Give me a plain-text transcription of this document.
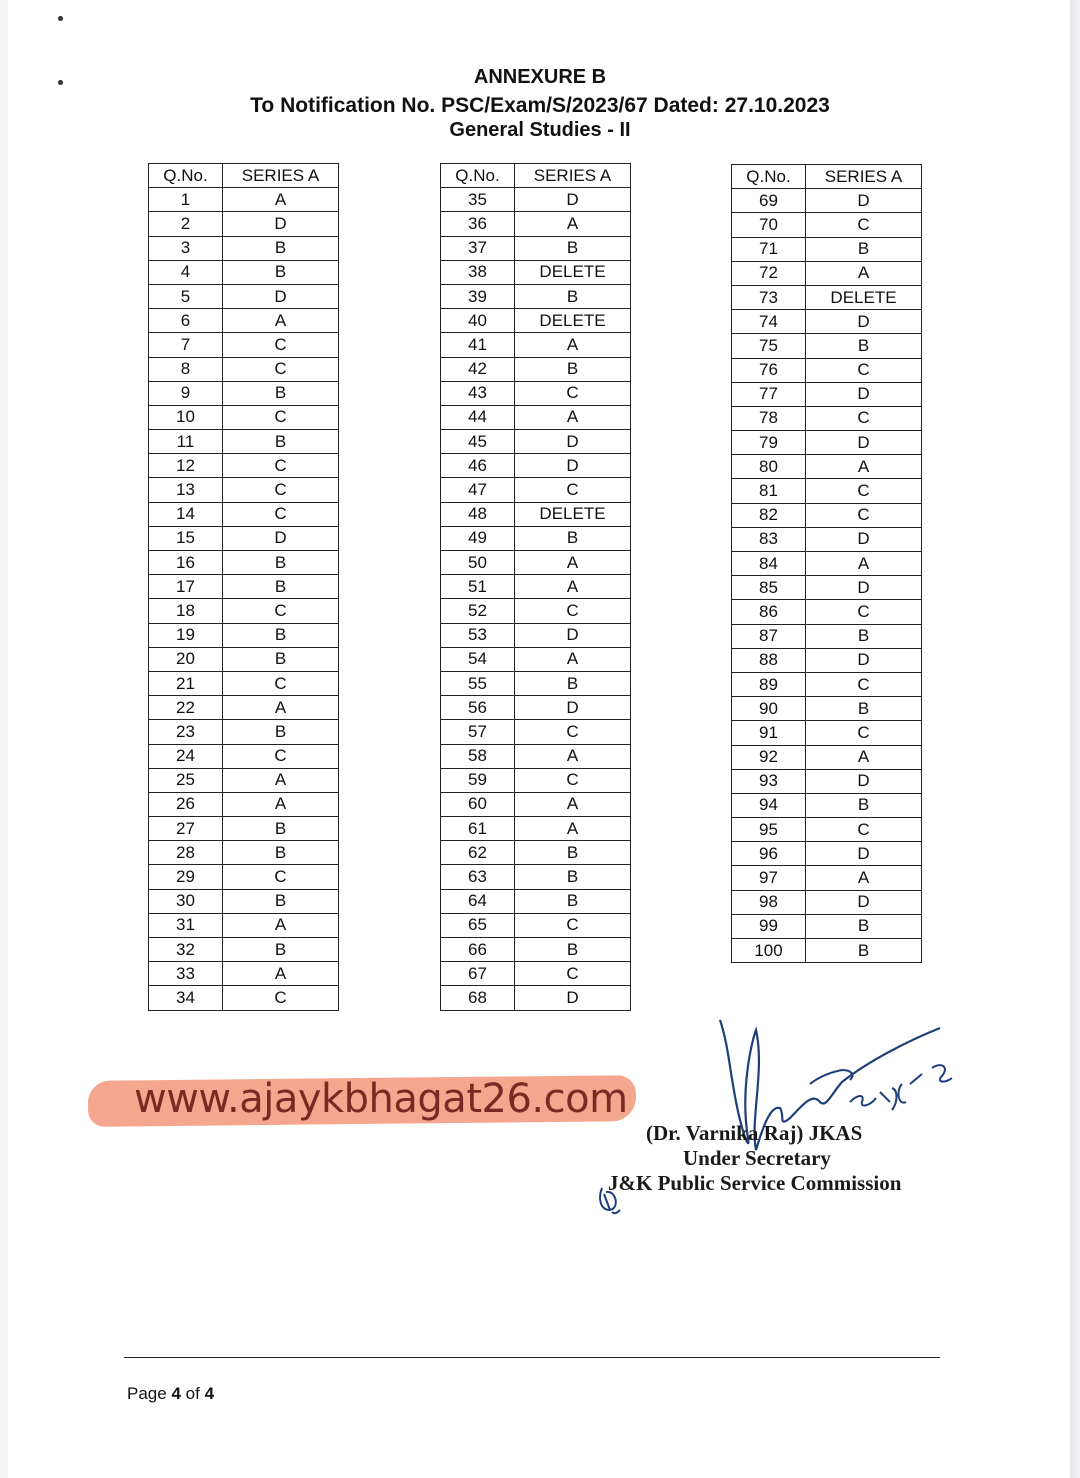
ANNEXURE B
To Notification No. PSC/Exam/S/2023/67 Dated: 27.10.2023
General Studies - II
Q.No.	SERIES A
1	A
2	D
3	B
4	B
5	D
6	A
7	C
8	C
9	B
10	C
11	B
12	C
13	C
14	C
15	D
16	B
17	B
18	C
19	B
20	B
21	C
22	A
23	B
24	C
25	A
26	A
27	B
28	B
29	C
30	B
31	A
32	B
33	A
34	C
Q.No.	SERIES A
35	D
36	A
37	B
38	DELETE
39	B
40	DELETE
41	A
42	B
43	C
44	A
45	D
46	D
47	C
48	DELETE
49	B
50	A
51	A
52	C
53	D
54	A
55	B
56	D
57	C
58	A
59	C
60	A
61	A
62	B
63	B
64	B
65	C
66	B
67	C
68	D
Q.No.	SERIES A
69	D
70	C
71	B
72	A
73	DELETE
74	D
75	B
76	C
77	D
78	C
79	D
80	A
81	C
82	C
83	D
84	A
85	D
86	C
87	B
88	D
89	C
90	B
91	C
92	A
93	D
94	B
95	C
96	D
97	A
98	D
99	B
100	B
www.ajaykbhagat26.com
(Dr. Varnika Raj) JKAS
Under Secretary
J&K Public Service Commission
Page 4 of 4
